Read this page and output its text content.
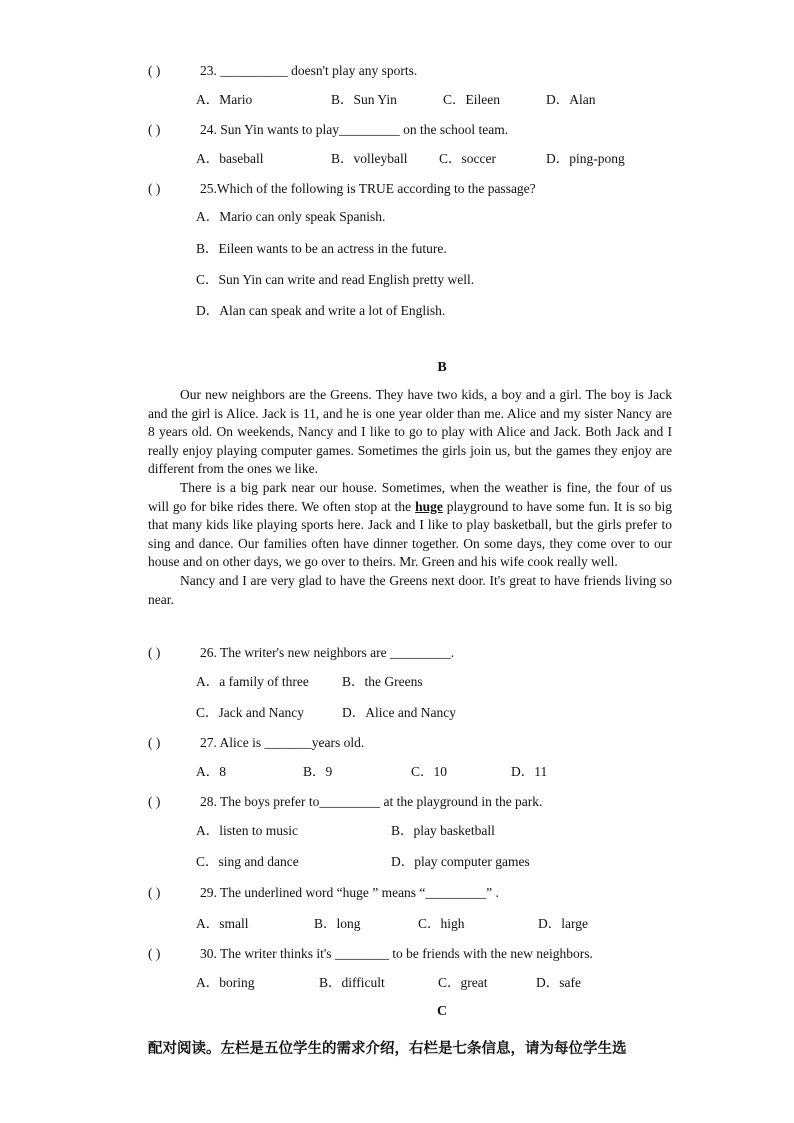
( )	23. __________ doesn't play any sports.
A．Mario	B．Sun Yin	C．Eileen	D．Alan
( )	24. Sun Yin wants to play_________ on the school team.
A．baseball	B．volleyball C．soccer	D．ping-pong
( )	25.Which of the following is TRUE according to the passage?
A．Mario can only speak Spanish.
B．Eileen wants to be an actress in the future.
C．Sun Yin can write and read English pretty well.
D．Alan can speak and write a lot of English.
B

Our new neighbors are the Greens. They have two kids, a boy and a girl. The boy is Jack and the girl is Alice. Jack is 11, and he is one year older than me. Alice and my sister Nancy are 8 years old. On weekends, Nancy and I like to go to play with Alice and Jack. Both Jack and I really enjoy playing computer games. Sometimes the girls join us, but the games they enjoy are different from the ones we like.

There is a big park near our house. Sometimes, when the weather is fine, the four of us will go for bike rides there. We often stop at the huge playground to have some fun. It is so big that many kids like playing sports here. Jack and I like to play basketball, but the girls prefer to sing and dance. Our families often have dinner together. On some days, they come over to our house and on other days, we go over to theirs. Mr. Green and his wife cook really well.

Nancy and I are very glad to have the Greens next door. It's great to have friends living so near.

( )	26. The writer's new neighbors are _________.
A．a family of three B．the Greens
C．Jack and Nancy	D．Alice and Nancy
( )	27. Alice is _______years old.
A．8	B．9	C．10	D．11
( )	28. The boys prefer to_________ at the playground in the park.
A．listen to music	B．play basketball
C．sing and dance	D．play computer games
( )	29. The underlined word “huge ” means “_________” .
A．small	B．long	C．high	D．large
( )	30. The writer thinks it's ________ to be friends with the new neighbors.
A．boring	B．difficult	C．great	D．safe
C
配对阅读。左栏是五位学生的需求介绍，右栏是七条信息，请为每位学生选
